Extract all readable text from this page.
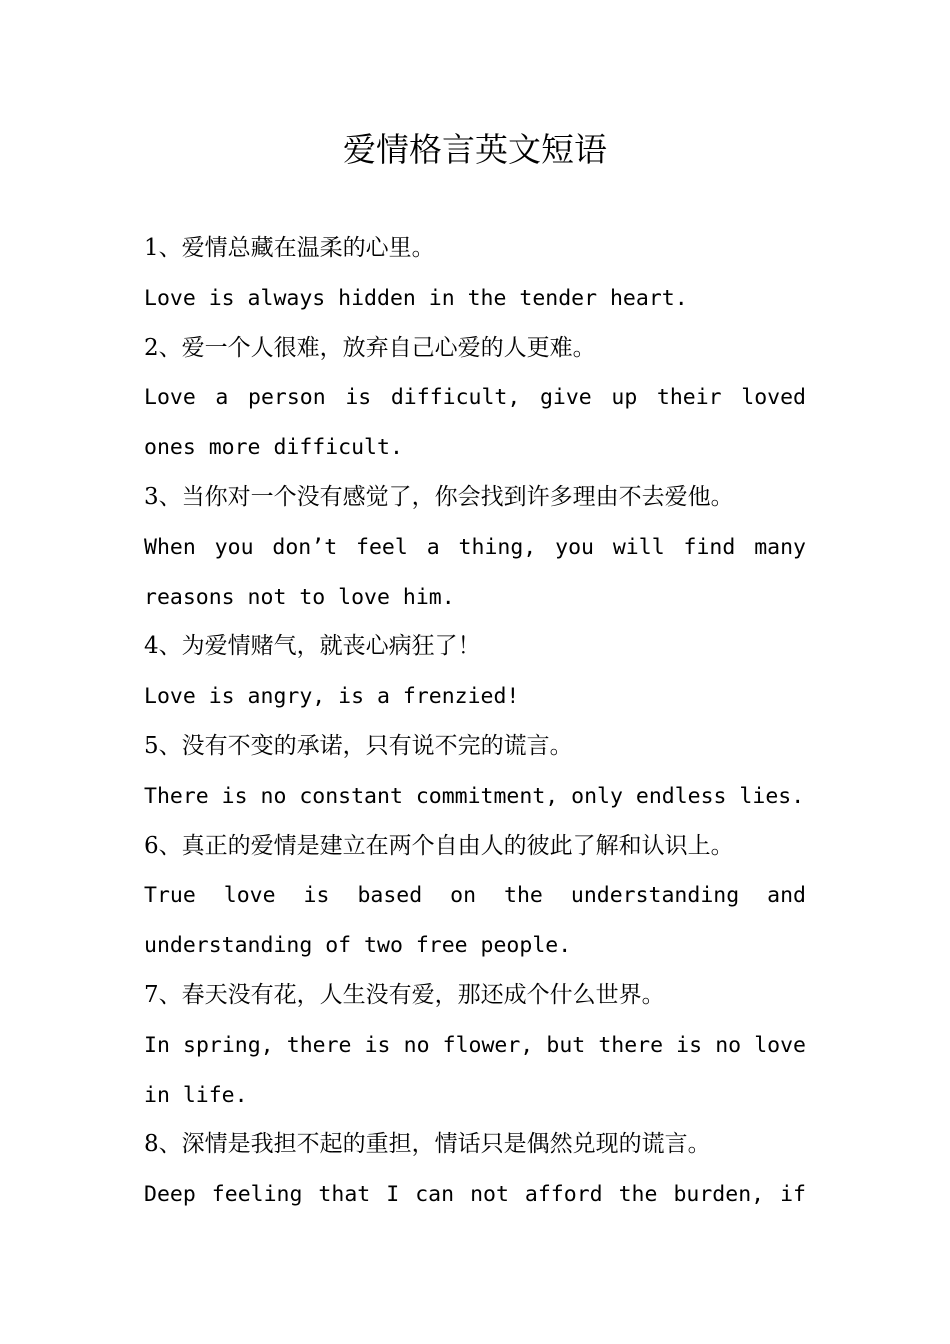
爱情格言英文短语
1、爱情总藏在温柔的心里。
Love is always hidden in the tender heart.
2、爱一个人很难，放弃自己心爱的人更难。
Love a person is difficult, give up their loved
ones more difficult.
3、当你对一个没有感觉了，你会找到许多理由不去爱他。
When you don’t feel a thing, you will find many
reasons not to love him.
4、为爱情赌气，就丧心病狂了！
Love is angry, is a frenzied!
5、没有不变的承诺，只有说不完的谎言。
There is no constant commitment, only endless lies.
6、真正的爱情是建立在两个自由人的彼此了解和认识上。
True love is based on the understanding and
understanding of two free people.
7、春天没有花，人生没有爱，那还成个什么世界。
In spring, there is no flower, but there is no love
in life.
8、深情是我担不起的重担，情话只是偶然兑现的谎言。
Deep feeling that I can not afford the burden, if
